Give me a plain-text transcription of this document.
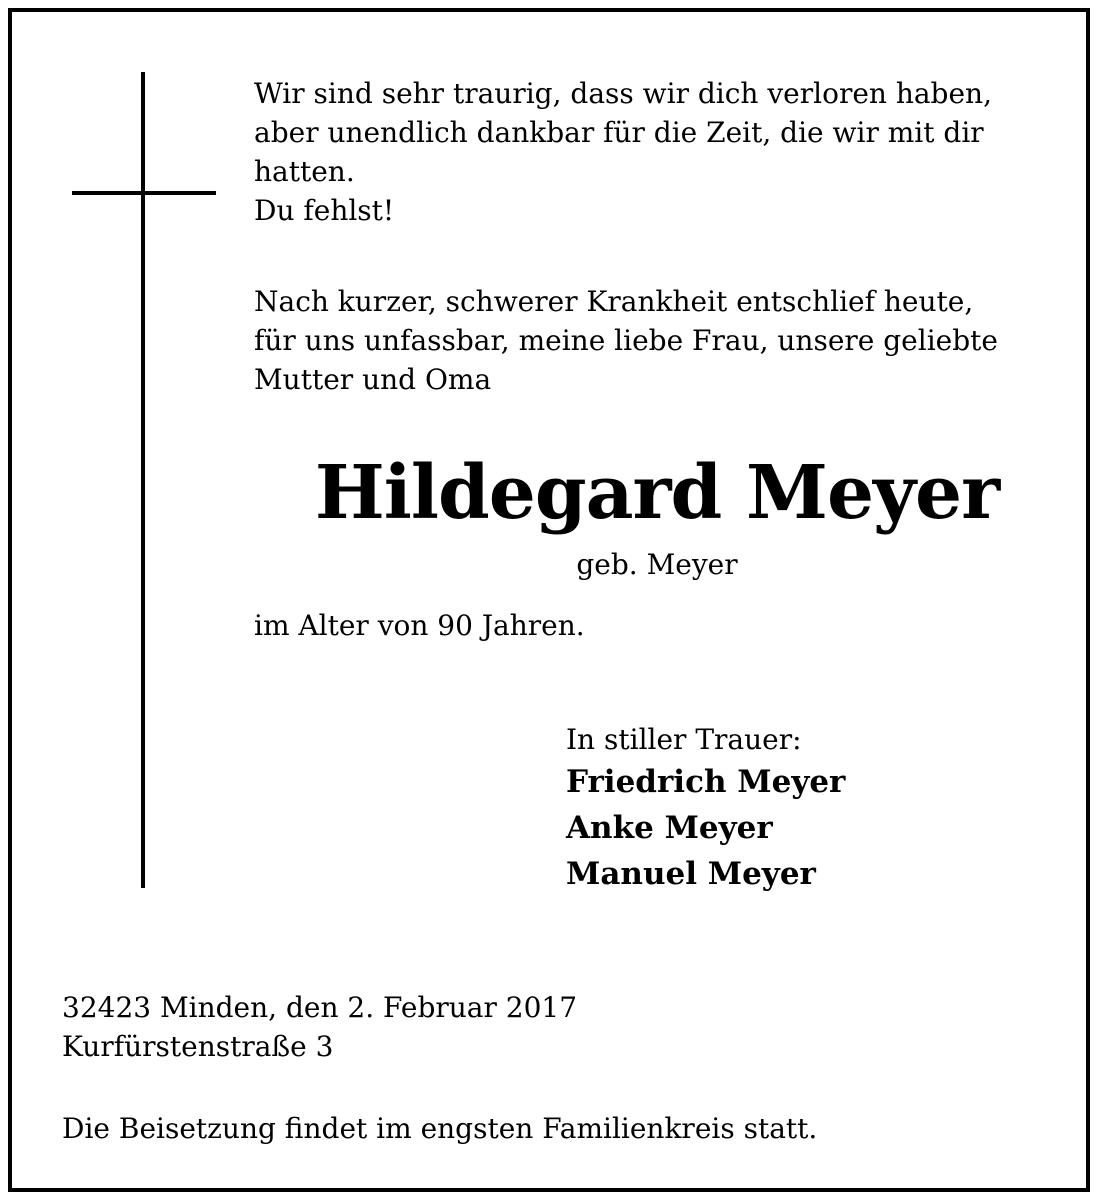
Wir sind sehr traurig, dass wir dich verloren haben,
aber unendlich dankbar für die Zeit, die wir mit dir
hatten.
Du fehlst!
Nach kurzer, schwerer Krankheit entschlief heute,
für uns unfassbar, meine liebe Frau, unsere geliebte
Mutter und Oma
Hildegard Meyer
geb. Meyer
im Alter von 90 Jahren.
In stiller Trauer:
Friedrich Meyer
Anke Meyer
Manuel Meyer
32423 Minden, den 2. Februar 2017
Kurfürstenstraße 3
Die Beisetzung findet im engsten Familienkreis statt.
